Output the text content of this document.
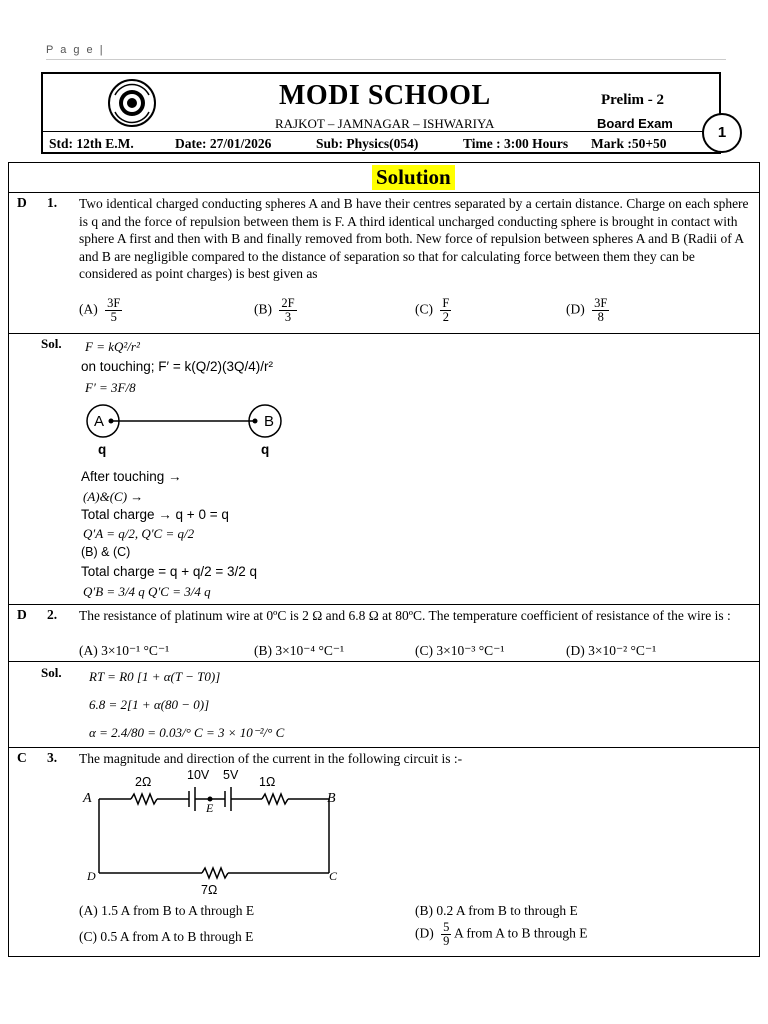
P a g e |
MODI SCHOOL
RAJKOT – JAMNAGAR – ISHWARIYA
Prelim - 2
Board Exam
Std: 12th E.M.	Date: 27/01/2026	Sub: Physics(054)	Time : 3:00 Hours Mark :50+50
1
Solution
D 1. Two identical charged conducting spheres A and B have their centres separated by a certain distance. Charge on each sphere is q and the force of repulsion between them is F. A third identical uncharged conducting sphere is brought in contact with sphere A first and then with B and finally removed from both. New force of repulsion between spheres A and B (Radii of A and B are negligible compared to the distance of separation so that for calculating force between them they can be considered as point charges) is best given as
$(A) \frac{3F}{5}$	$(B) \frac{2F}{3}$	$(C) \frac{F}{2}$	$(D) \frac{3F}{8}$
Sol. F = kQ²/r²
on touching; F′ = k(Q/2)(3Q/4)/r²
F′ = 3F/8
A	B
q	q
After touching →
(A)&(C) →
Total charge → q + 0 = q
Q′A = q/2, Q′C = q/2
(B) & (C)
Total charge = q + q/2 = 3/2 q
Q′B = 3/4 q Q′C = 3/4 q
D 2. The resistance of platinum wire at 0ºC is 2 Ω and 6.8 Ω at 80ºC. The temperature coefficient of resistance of the wire is :
(A) 3×10⁻¹ °C⁻¹	(B) 3×10⁻⁴ °C⁻¹	(C) 3×10⁻³ °C⁻¹	(D) 3×10⁻² °C⁻¹
Sol. RT = R0 [1 + α(T − T0)]
6.8 = 2[1 + α(80 − 0)]
α = 2.4/80 = 0.03/° C = 3 × 10⁻²/° C
C 3. The magnitude and direction of the current in the following circuit is :-
2Ω	10V 5V 1Ω
E
A	B
C
D
7Ω
(A) 1.5 A from B to A through E	(B) 0.2 A from B to through E
(C) 0.5 A from A to B through E	$(D) \frac{5}{9}$ A from A to B through E
